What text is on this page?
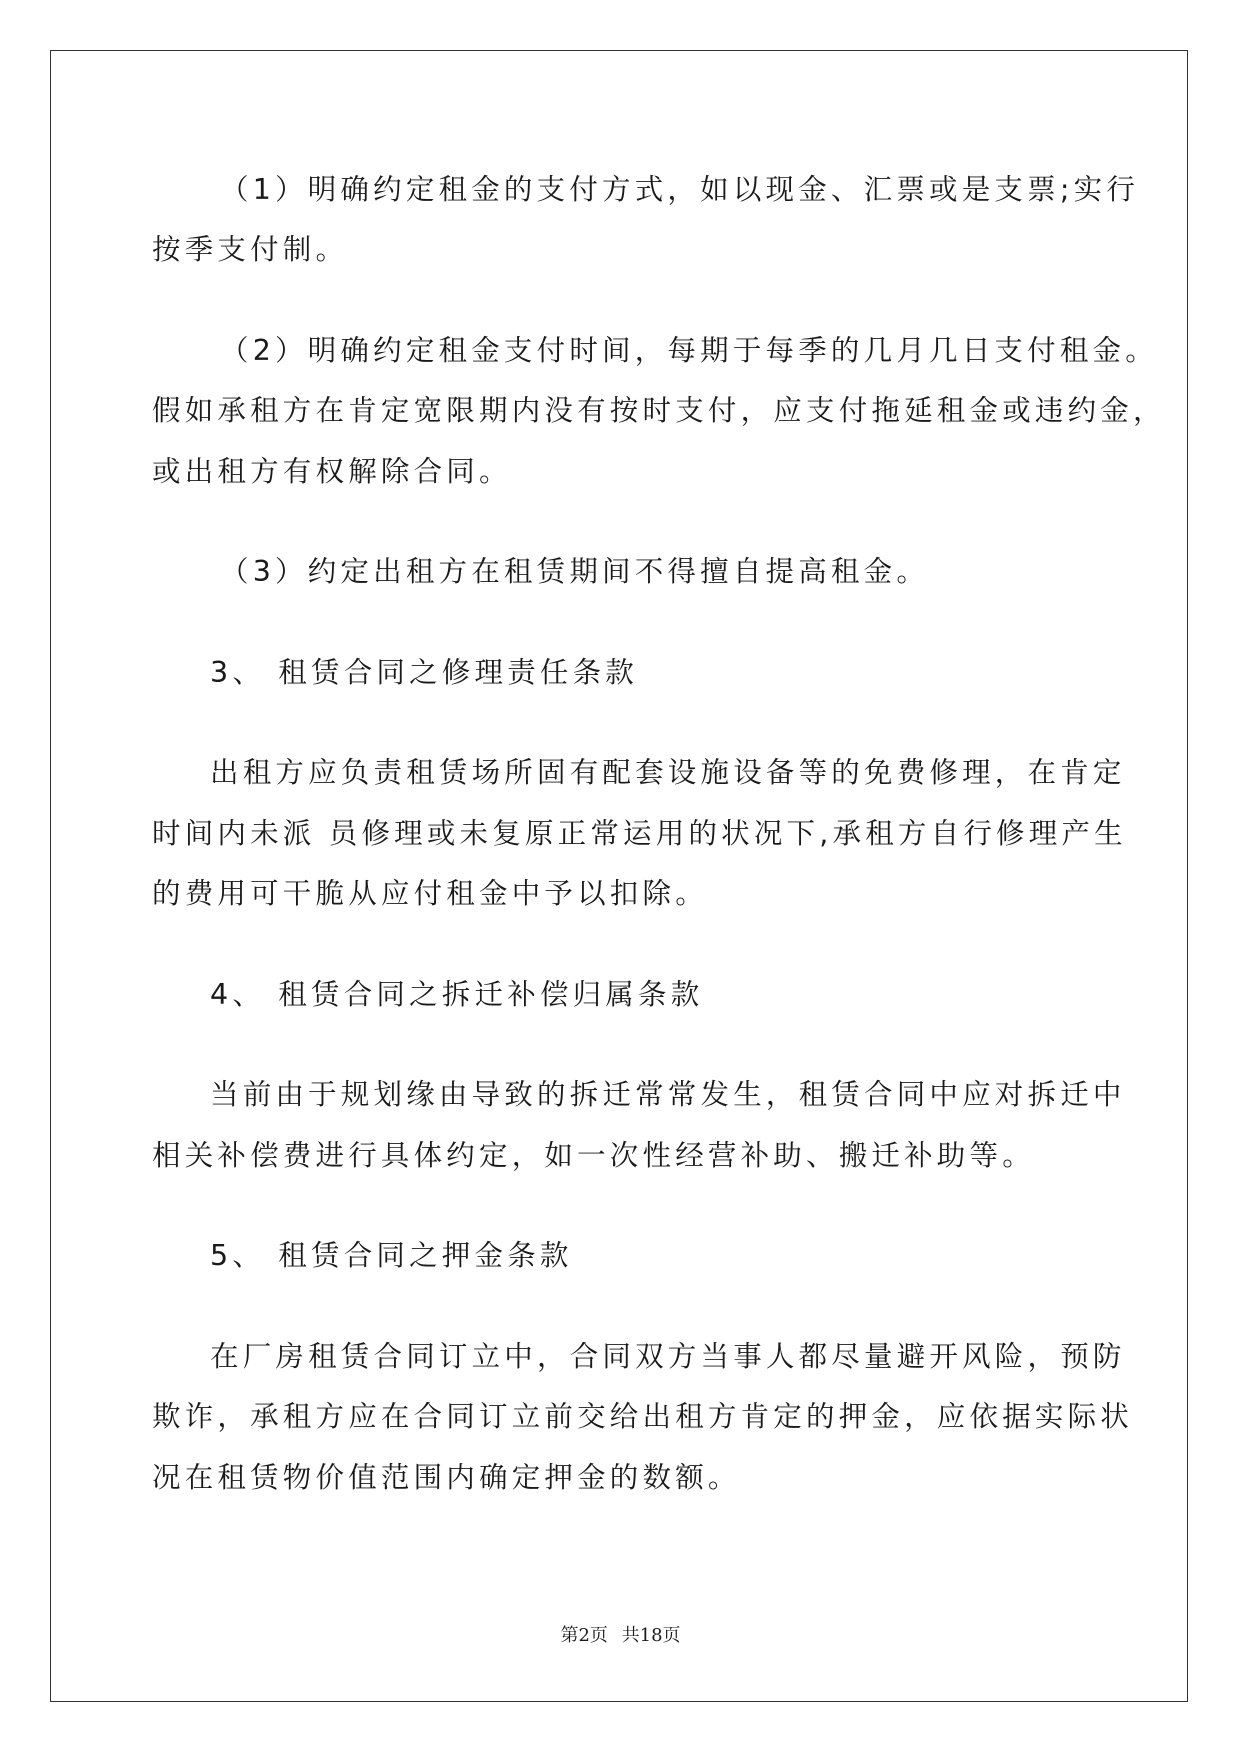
（1）明确约定租金的支付方式，如以现金、汇票或是支票;实行
按季支付制。
（2）明确约定租金支付时间，每期于每季的几月几日支付租金。
假如承租方在肯定宽限期内没有按时支付，应支付拖延租金或违约金，
或出租方有权解除合同。
（3）约定出租方在租赁期间不得擅自提高租金。
3、 租赁合同之修理责任条款
出租方应负责租赁场所固有配套设施设备等的免费修理，在肯定
时间内未派 员修理或未复原正常运用的状况下,承租方自行修理产生
的费用可干脆从应付租金中予以扣除。
4、 租赁合同之拆迁补偿归属条款
当前由于规划缘由导致的拆迁常常发生，租赁合同中应对拆迁中
相关补偿费进行具体约定，如一次性经营补助、搬迁补助等。
5、 租赁合同之押金条款
在厂房租赁合同订立中，合同双方当事人都尽量避开风险，预防
欺诈，承租方应在合同订立前交给出租方肯定的押金，应依据实际状
况在租赁物价值范围内确定押金的数额。
第2页 共18页
